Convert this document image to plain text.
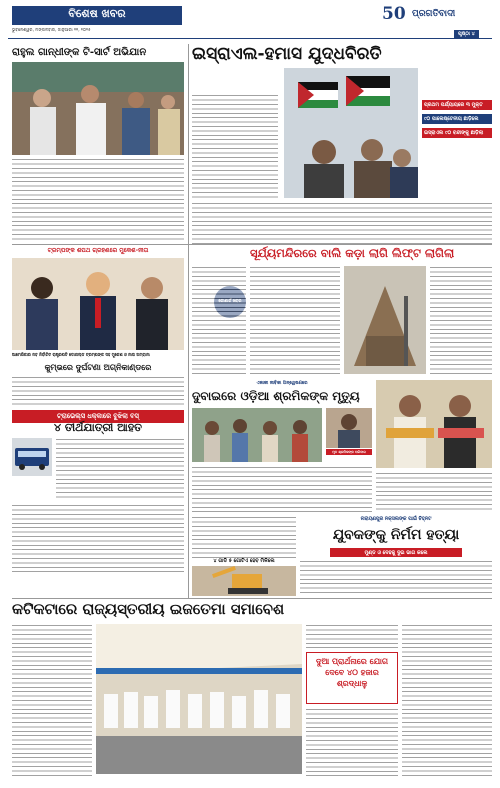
ବିଶେଷ ଖବର
ଭୁବନେଶ୍ୱର, ମଙ୍ଗଳବାର, ଜାନୁଆରୀ ୨୧, ୨୦୨୫
50 ପ୍ରଗତିବାଦୀ
ପୃଷ୍ଠା ୪
ରାହୁଲ ଗାନ୍ଧୀଙ୍କ ଟି-ସାର୍ଟ ଅଭିଯାନ	ଇସ୍ରାଏଲ-ହମାସ ଯୁଦ୍ଧବିରତି
ପ୍ରଥମ ପର୍ଯ୍ୟାୟରେ ୩ ମୁକ୍ତ
୯୦ ପାଲେଷ୍ଟେନୀୟ ଛାଡ଼ିଲେ
ଇସ୍ରାଏଲ ୯୦ ବନ୍ଦୀଙ୍କୁ ଛାଡ଼ିଲା
ଟ୍ରମ୍ପଙ୍କ ଶପଥ ଗ୍ରହଣରେ ମୁକେଶ-ନୀତା
ଆମେରିକାର ନବ ନିର୍ବାଚିତ ରାଷ୍ଟ୍ରପତି ଡୋନାଲ୍ଡ ଟ୍ରମ୍ପଙ୍କ ସହ ମୁକେଶ ଓ ନୀତା ଅମ୍ବାନୀ
ସୂର୍ଯ୍ୟମନ୍ଦିରରେ ବାଲି କଡ଼ା ଲାଗି ଲିଫ୍ଟ ଲାଗିଲା
କୁମ୍ଭରେ ଦୁର୍ଘଟଣା ଅଗ୍ନିକାଣ୍ଡରେ
ଟ୍ରାଭେଲ୍ସ ଧକ୍କାରେ ବୁଝିଲା ବସ୍
୪ ତୀର୍ଥଯାତ୍ରୀ ଆହତ
ଏକାକୀ ଜୀବିକା ଅନ୍ୱେଷଣରେ
ଦୁବାଇରେ ଓଡ଼ିଆ ଶ୍ରମିକଙ୍କ ମୃତ୍ୟୁ
ମୃତ ଶ୍ରମିକଙ୍କ ପରିବାର
ନାରାୟଣପୁର ନକ୍ସଲଙ୍କ ପାଇଁ ଚିହ୍ନଟ
୪ ଗାଡି ୫ ଗୋଟିଏ ହେବ ମିଳିଲେ
ଯୁବକଙ୍କୁ ନିର୍ମମ ହତ୍ୟା
ମୁଣ୍ଡ ଓ ଦେହକୁ ଦୁଇ ଭାଗ କଲେ
କଟିକଟାରେ ରାଜ୍ୟସ୍ତରୀୟ ଇଜତେମା ସମାବେଶ
ଦୁଆ ପ୍ରାର୍ଥନାରେ ଯୋଗ ଦେବେ ୪୦ ହଜାର ଶ୍ରଦ୍ଧାଳୁ
